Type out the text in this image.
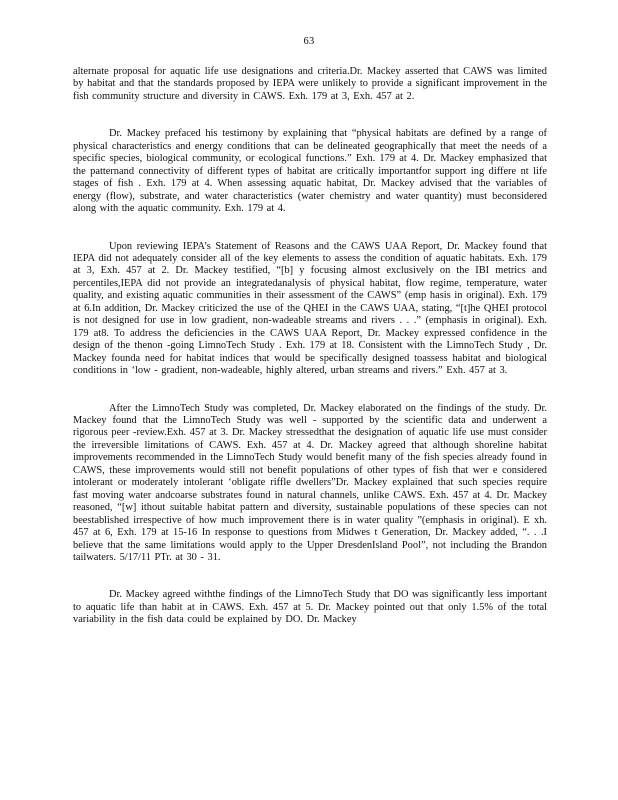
63

alternate proposal for aquatic life use designations and criteria.Dr. Mackey asserted that CAWS was limited by habitat and that the standards proposed by IEPA were unlikely to provide a significant improvement in the fish community structure and diversity in CAWS. Exh. 179 at 3, Exh. 457 at 2.

Dr. Mackey prefaced his testimony by explaining that “physical habitats are defined by a range of physical characteristics and energy conditions that can be delineated geographically that meet the needs of a specific species, biological community, or ecological functions.” Exh. 179 at 4. Dr. Mackey emphasized that the patternand connectivity of different types of habitat are critically importantfor support ing differe nt life stages of fish . Exh. 179 at 4. When assessing aquatic habitat, Dr. Mackey advised that the variables of energy (flow), substrate, and water characteristics (water chemistry and water quantity) must beconsidered along with the aquatic community. Exh. 179 at 4.

Upon reviewing IEPA’s Statement of Reasons and the CAWS UAA Report, Dr. Mackey found that IEPA did not adequately consider all of the key elements to assess the condition of aquatic habitats. Exh. 179 at 3, Exh. 457 at 2. Dr. Mackey testified, “[b] y focusing almost exclusively on the IBI metrics and percentiles,IEPA did not provide an integratedanalysis of physical habitat, flow regime, temperature, water quality, and existing aquatic communities in their assessment of the CAWS” (emp hasis in original). Exh. 179 at 6.In addition, Dr. Mackey criticized the use of the QHEI in the CAWS UAA, stating, “[t]he QHEI protocol is not designed for use in low gradient, non-wadeable streams and rivers . . .” (emphasis in original). Exh. 179 at8. To address the deficiencies in the CAWS UAA Report, Dr. Mackey expressed confidence in the design of the thenon -going LimnoTech Study . Exh. 179 at 18. Consistent with the LimnoTech Study , Dr. Mackey founda need for habitat indices that would be specifically designed toassess habitat and biological conditions in ‘low - gradient, non-wadeable, highly altered, urban streams and rivers.” Exh. 457 at 3.

After the LimnoTech Study was completed, Dr. Mackey elaborated on the findings of the study. Dr. Mackey found that the LimnoTech Study was well - supported by the scientific data and underwent a rigorous peer -review.Exh. 457 at 3. Dr. Mackey stressedthat the designation of aquatic life use must consider the irreversible limitations of CAWS. Exh. 457 at 4. Dr. Mackey agreed that although shoreline habitat improvements recommended in the LimnoTech Study would benefit many of the fish species already found in CAWS, these improvements would still not benefit populations of other types of fish that wer e considered intolerant or moderately intolerant ‘obligate riffle dwellers”Dr. Mackey explained that such species require fast moving water andcoarse substrates found in natural channels, unlike CAWS. Exh. 457 at 4. Dr. Mackey reasoned, “[w] ithout suitable habitat pattern and diversity, sustainable populations of these species can not beestablished irrespective of how much improvement there is in water quality ”(emphasis in original). E xh. 457 at 6, Exh. 179 at 15-16 In response to questions from Midwes t Generation, Dr. Mackey added, “. . .I believe that the same limitations would apply to the Upper DresdenIsland Pool”, not including the Brandon tailwaters. 5/17/11 PTr. at 30 - 31.

Dr. Mackey agreed withthe findings of the LimnoTech Study that DO was significantly less important to aquatic life than habit at in CAWS. Exh. 457 at 5. Dr. Mackey pointed out that only 1.5% of the total variability in the fish data could be explained by DO. Dr. Mackey
